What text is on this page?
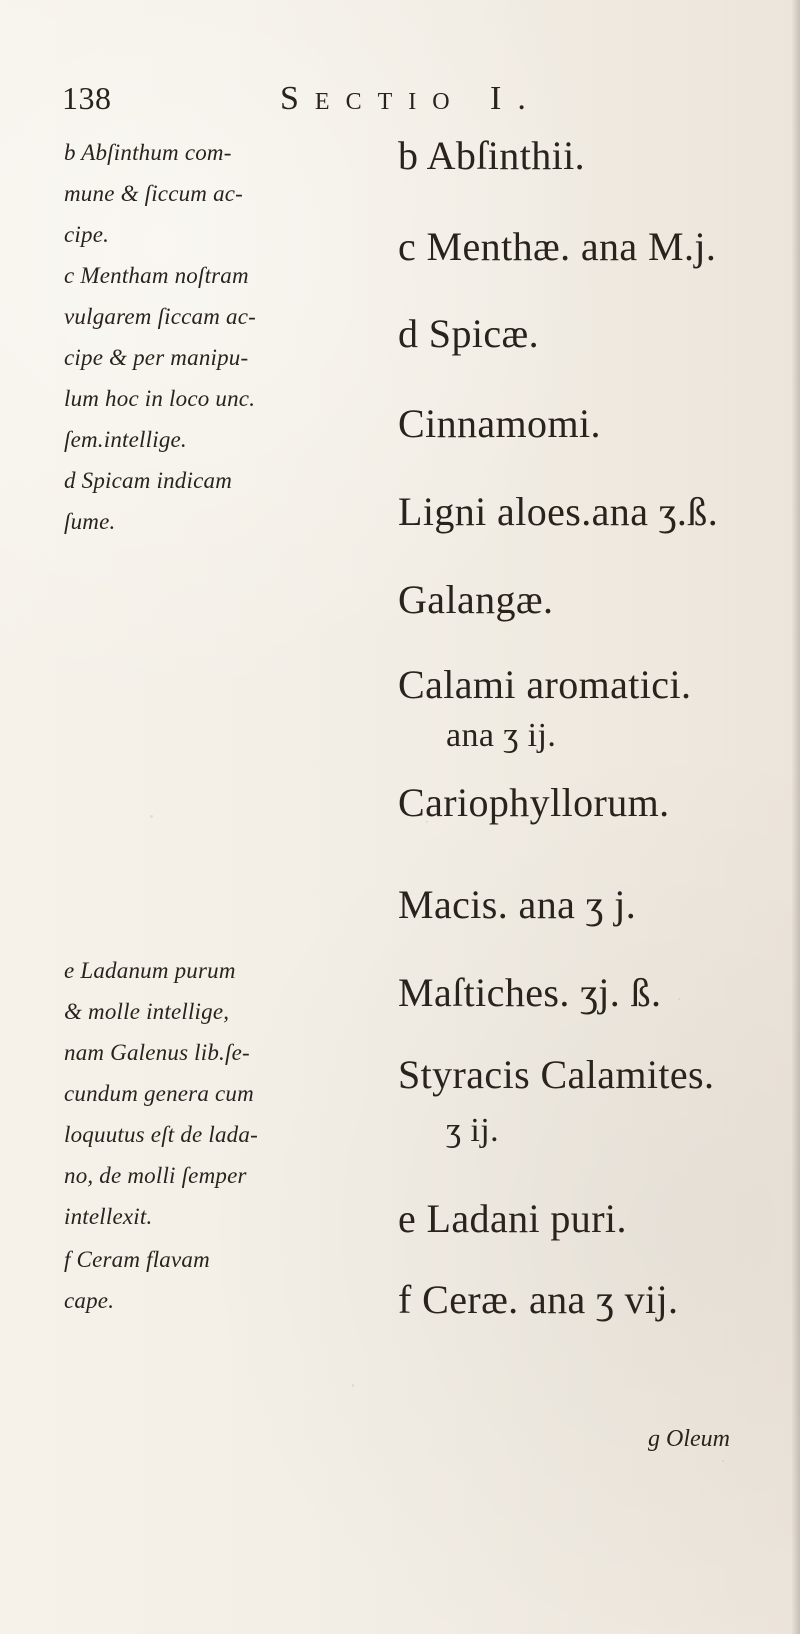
138	Sectio I.
b Abſinthum com-
mune & ſiccum ac-
cipe.
c Mentham noſtram
vulgarem ſiccam ac-
cipe & per manipu-
lum hoc in loco unc.
ſem.intellige.
d Spicam indicam
ſume.
e Ladanum purum
& molle intellige,
nam Galenus lib.ſe-
cundum genera cum
loquutus eſt de lada-
no, de molli ſemper
intellexit.
f Ceram flavam
cape.
b Abſinthii.
c Menthæ. ana M.j.
d Spicæ.
Cinnamomi.
Ligni aloes.ana ʒ.ß.
Galangæ.
Calami aromatici.
ana ʒ ij.
Cariophyllorum.
Macis. ana ʒ j.
Maſtiches. ʒj. ß.
Styracis Calamites.
ʒ ij.
e Ladani puri.
f Ceræ. ana ʒ vij.
g Oleum
